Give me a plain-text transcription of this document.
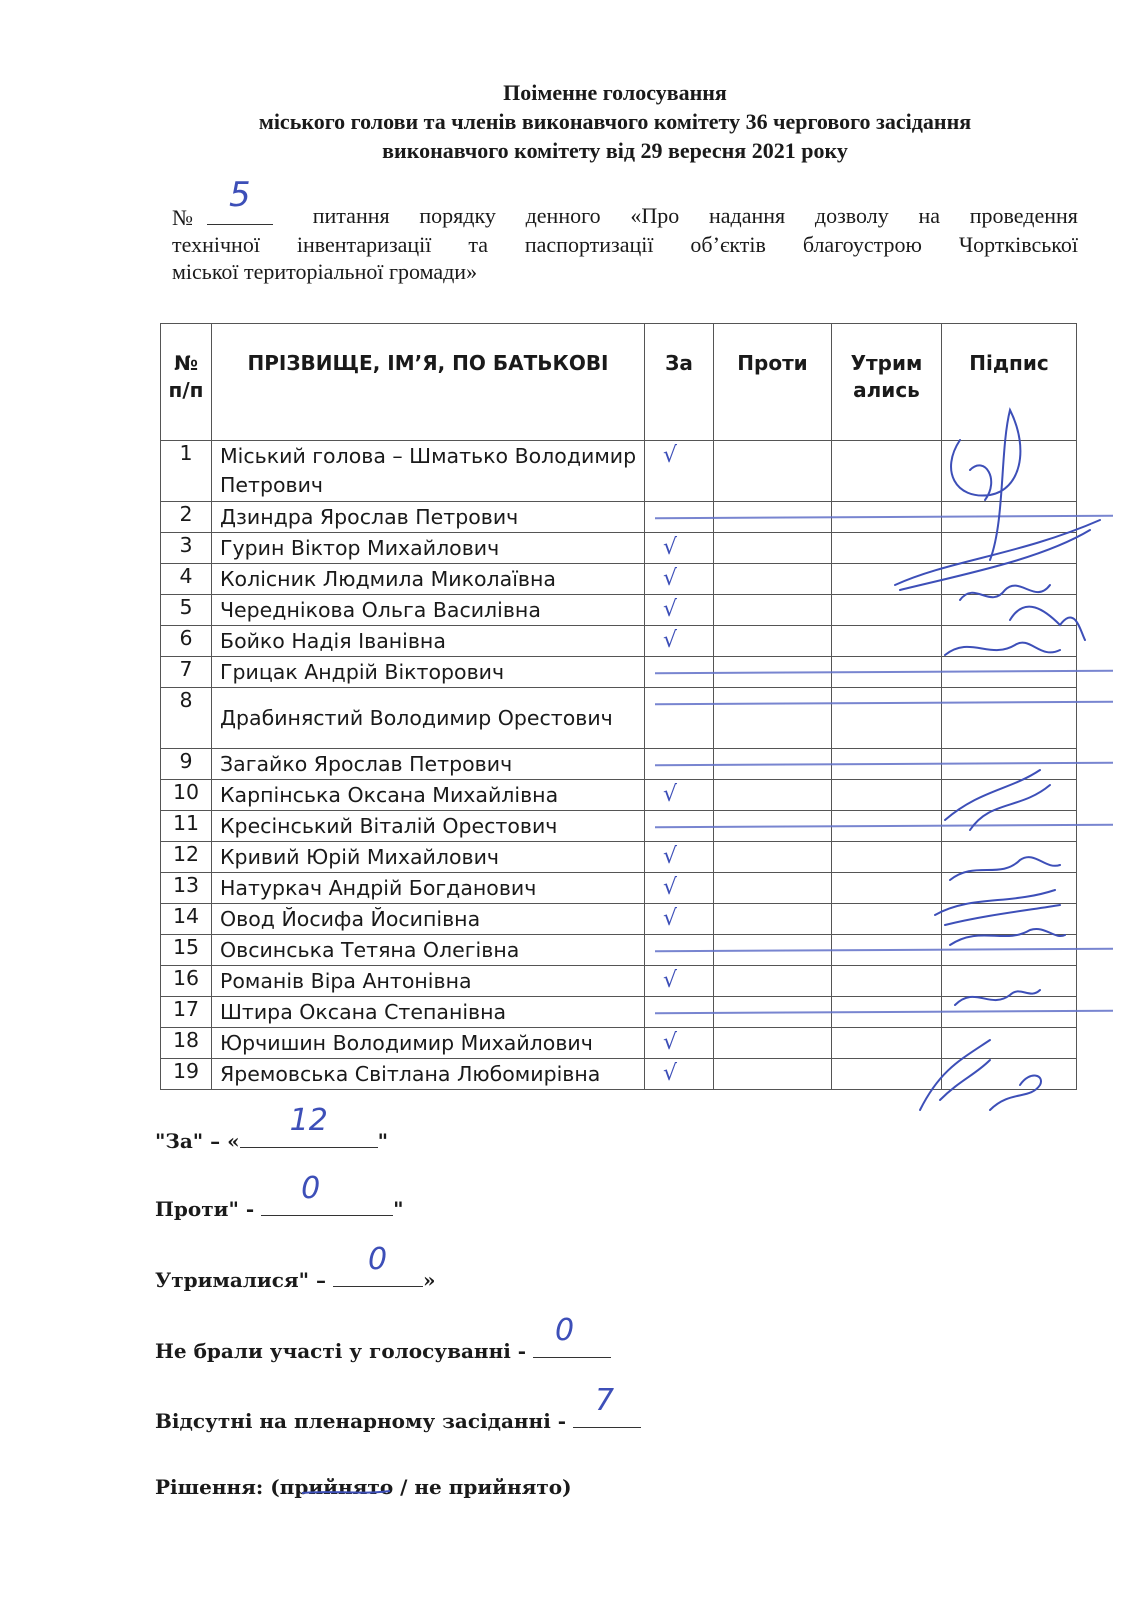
Поіменне голосування
міського голови та членів виконавчого комітету 36 чергового засідання
виконавчого комітету від 29 вересня 2021 року
№
5
питання порядку денного «Про надання дозволу на проведення
технічної інвентаризації та паспортизації об’єктів благоустрою Чортківської
міської територіальної громади»
№ п/п	ПРІЗВИЩЕ, ІМ’Я, ПО БАТЬКОВІ	За	Проти	Утрим ались	Підпис
1	Міський голова – Шматько Володимир Петрович	√			

2	Дзиндра Ярослав Петрович	

3	Гурин Віктор Михайлович	√			

4	Колісник Людмила Миколаївна	√			

5	Череднікова Ольга Василівна	√			

6	Бойко Надія Іванівна	√			

7	Грицак Андрій Вікторович	

8	Драбинястий Володимир Орестович	

9	Загайко Ярослав Петрович	

10	Карпінська Оксана Михайлівна	√			

11	Кресінський Віталій Орестович	

12	Кривий Юрій Михайлович	√			

13	Натуркач Андрій Богданович	√			

14	Овод Йосифа Йосипівна	√			

15	Овсинська Тетяна Олегівна	

16	Романів Віра Антонівна	√			

17	Штира Оксана Степанівна	

18	Юрчишин Володимир Михайлович	√			

19	Яремовська Світлана Любомирівна	√			

"За" – «
12
"
Проти" -
0
"
Утрималися" –
0
»
Не брали участі у голосуванні -
0
Відсутні на пленарному засіданні -
7
Рішення: (прийнято / не прийнято)
